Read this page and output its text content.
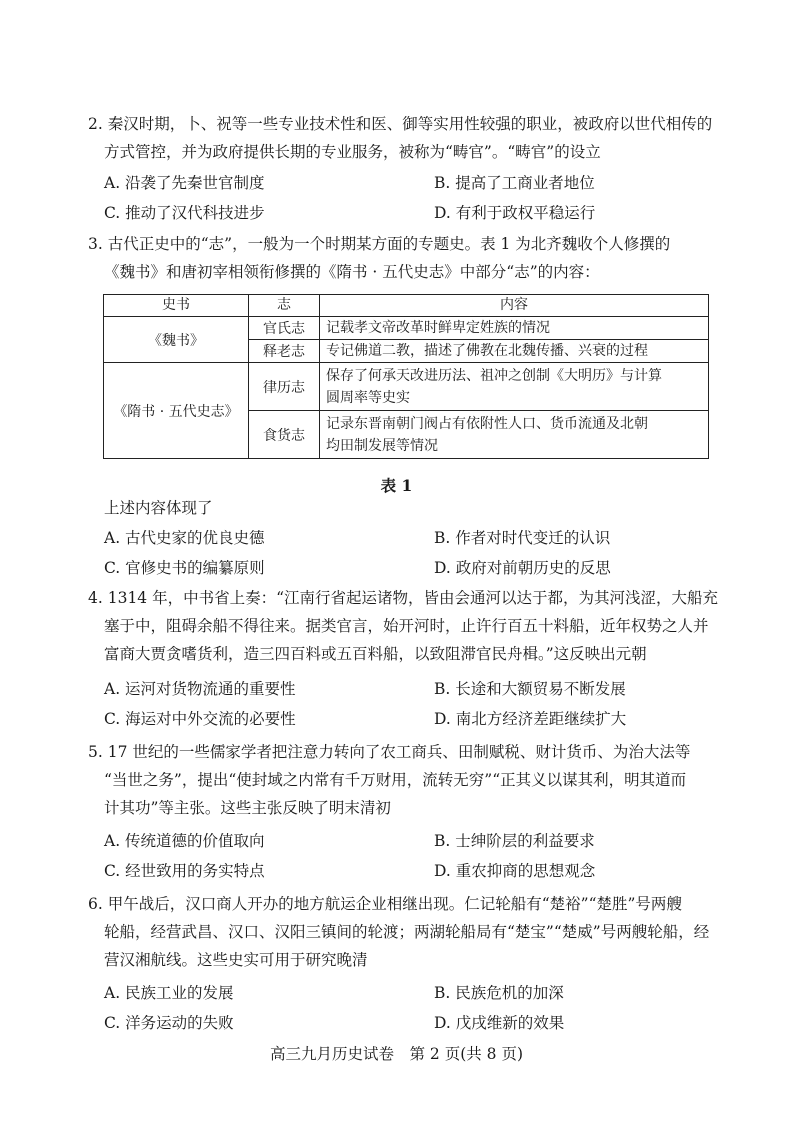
2. 秦汉时期，卜、祝等一些专业技术性和医、御等实用性较强的职业，被政府以世代相传的
方式管控，并为政府提供长期的专业服务，被称为“畴官”。“畴官”的设立
A. 沿袭了先秦世官制度	B. 提高了工商业者地位
C. 推动了汉代科技进步	D. 有利于政权平稳运行
3. 古代正史中的“志”，一般为一个时期某方面的专题史。表 1 为北齐魏收个人修撰的
《魏书》和唐初宰相领衔修撰的《隋书 · 五代史志》中部分“志”的内容：
史书	志	内容
《魏书》	官氏志	记载孝文帝改革时鲜卑定姓族的情况
	释老志	专记佛道二教，描述了佛教在北魏传播、兴衰的过程
《隋书 · 五代史志》	律历志	保存了何承天改进历法、祖冲之创制《大明历》与计算
圆周率等史实

	食货志	记录东晋南朝门阀占有依附性人口、货币流通及北朝
均田制发展等情况
表 1
上述内容体现了
A. 古代史家的优良史德	B. 作者对时代变迁的认识
C. 官修史书的编纂原则	D. 政府对前朝历史的反思
4. 1314 年，中书省上奏：“江南行省起运诸物，皆由会通河以达于都，为其河浅涩，大船充
塞于中，阻碍余船不得往来。据类官言，始开河时，止许行百五十料船，近年权势之人并
富商大贾贪嗜货利，造三四百料或五百料船，以致阻滞官民舟楫。”这反映出元朝
A. 运河对货物流通的重要性	B. 长途和大额贸易不断发展
C. 海运对中外交流的必要性	D. 南北方经济差距继续扩大
5. 17 世纪的一些儒家学者把注意力转向了农工商兵、田制赋税、财计货币、为治大法等
“当世之务”，提出“使封域之内常有千万财用，流转无穷”“正其义以谋其利，明其道而
计其功”等主张。这些主张反映了明末清初
A. 传统道德的价值取向	B. 士绅阶层的利益要求
C. 经世致用的务实特点	D. 重农抑商的思想观念
6. 甲午战后，汉口商人开办的地方航运企业相继出现。仁记轮船有“楚裕”“楚胜”号两艘
轮船，经营武昌、汉口、汉阳三镇间的轮渡；两湖轮船局有“楚宝”“楚威”号两艘轮船，经
营汉湘航线。这些史实可用于研究晚清
A. 民族工业的发展	B. 民族危机的加深
C. 洋务运动的失败	D. 戊戌维新的效果
高三九月历史试卷　第 2 页(共 8 页)
